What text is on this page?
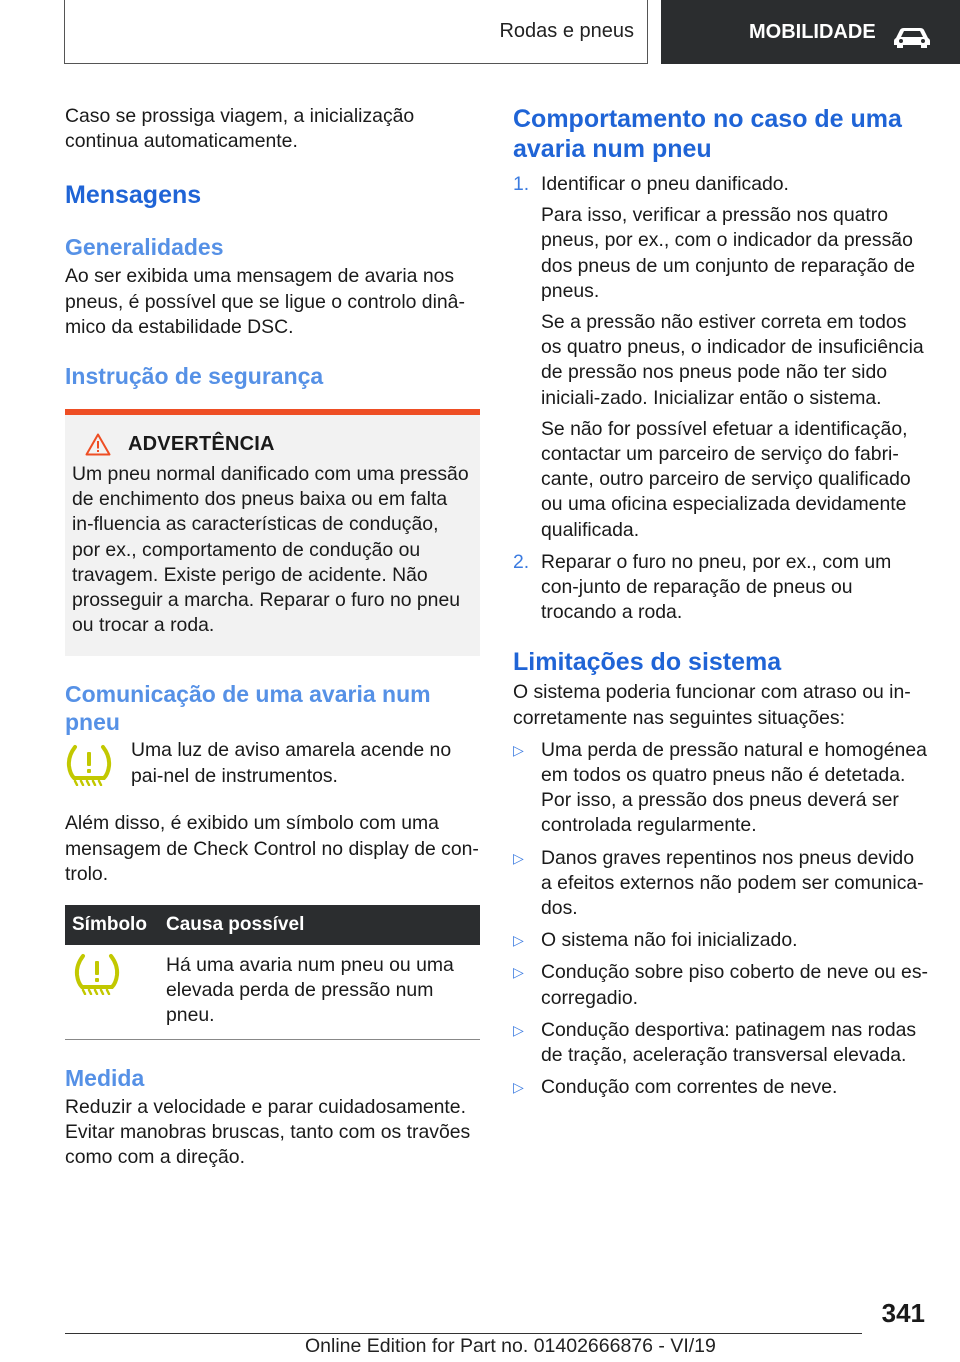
Rodas e pneus	MOBILIDADE

Caso se prossiga viagem, a inicialização continua automaticamente.

Mensagens
Generalidades

Ao ser exibida uma mensagem de avaria nos pneus, é possível que se ligue o controlo dinâ-mico da estabilidade DSC.

Instrução de segurança
ADVERTÊNCIA

Um pneu normal danificado com uma pressão de enchimento dos pneus baixa ou em falta in-fluencia as características de condução, por ex., comportamento de condução ou travagem. Existe perigo de acidente. Não prosseguir a marcha. Reparar o furo no pneu ou trocar a roda.

Comunicação de uma avaria num pneu

Uma luz de aviso amarela acende no pai-nel de instrumentos.

Além disso, é exibido um símbolo com uma mensagem de Check Control no display de con-trolo.

Símbolo	Causa possível
	Há uma avaria num pneu ou uma elevada perda de pressão num pneu.
Medida

Reduzir a velocidade e parar cuidadosamente. Evitar manobras bruscas, tanto com os travões como com a direção.

Comportamento no caso de uma avaria num pneu
1. Identificar o pneu danificado.

Para isso, verificar a pressão nos quatro pneus, por ex., com o indicador da pressão dos pneus de um conjunto de reparação de pneus.

Se a pressão não estiver correta em todos os quatro pneus, o indicador de insuficiência de pressão nos pneus pode não ter sido iniciali-zado. Inicializar então o sistema.

Se não for possível efetuar a identificação, contactar um parceiro de serviço do fabri-cante, outro parceiro de serviço qualificado ou uma oficina especializada devidamente qualificada.

2. Reparar o furo no pneu, por ex., com um con-junto de reparação de pneus ou trocando a roda.

Limitações do sistema

O sistema poderia funcionar com atraso ou in-corretamente nas seguintes situações:

▷ Uma perda de pressão natural e homogénea em todos os quatro pneus não é detetada. Por isso, a pressão dos pneus deverá ser controlada regularmente.

▷ Danos graves repentinos nos pneus devido a efeitos externos não podem ser comunica-dos.

▷ O sistema não foi inicializado.

▷ Condução sobre piso coberto de neve ou es-corregadio.

▷ Condução desportiva: patinagem nas rodas de tração, aceleração transversal elevada.

▷ Condução com correntes de neve.

341
Online Edition for Part no. 01402666876 - VI/19
